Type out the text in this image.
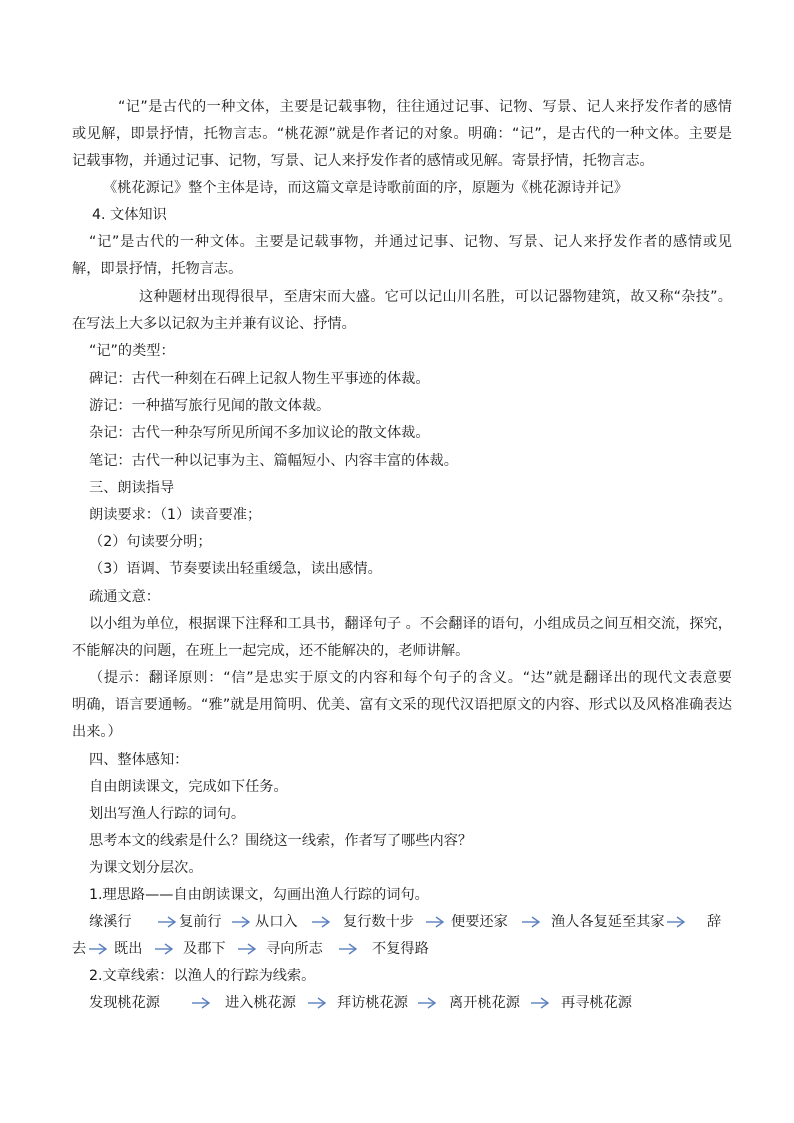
“记”是古代的一种文体，主要是记载事物，往往通过记事、记物、写景、记人来抒发作者的感情
或见解，即景抒情，托物言志。“桃花源”就是作者记的对象。明确：“记”，是古代的一种文体。主要是
记载事物，并通过记事、记物，写景、记人来抒发作者的感情或见解。寄景抒情，托物言志。
《桃花源记》整个主体是诗，而这篇文章是诗歌前面的序，原题为《桃花源诗并记》
4. 文体知识
“记”是古代的一种文体。主要是记载事物，并通过记事、记物、写景、记人来抒发作者的感情或见
解，即景抒情，托物言志。
这种题材出现得很早，至唐宋而大盛。它可以记山川名胜，可以记器物建筑，故又称“杂技”。
在写法上大多以记叙为主并兼有议论、抒情。
“记”的类型：
碑记：古代一种刻在石碑上记叙人物生平事迹的体裁。
游记：一种描写旅行见闻的散文体裁。
杂记：古代一种杂写所见所闻不多加议论的散文体裁。
笔记：古代一种以记事为主、篇幅短小、内容丰富的体裁。
三、朗读指导
朗读要求：（1）读音要准；
（2）句读要分明；
（3）语调、节奏要读出轻重缓急，读出感情。
疏通文意：
以小组为单位，根据课下注释和工具书，翻译句子 。不会翻译的语句，小组成员之间互相交流，探究，
不能解决的问题，在班上一起完成，还不能解决的，老师讲解。
（提示：翻译原则：“信”是忠实于原文的内容和每个句子的含义。“达”就是翻译出的现代文表意要
明确，语言要通畅。“雅”就是用简明、优美、富有文采的现代汉语把原文的内容、形式以及风格准确表达
出来。）
四、整体感知：
自由朗读课文，完成如下任务。
划出写渔人行踪的词句。
思考本文的线索是什么？围绕这一线索，作者写了哪些内容？
为课文划分层次。
1.理思路——自由朗读课文，勾画出渔人行踪的词句。
缘溪行	复前行 从口入	复行数十步	便要还家	渔人各复延至其家	辞
去 既出	及郡下	寻向所志	不复得路
2.文章线索：以渔人的行踪为线索。
发现桃花源	进入桃花源	拜访桃花源	离开桃花源	再寻桃花源
